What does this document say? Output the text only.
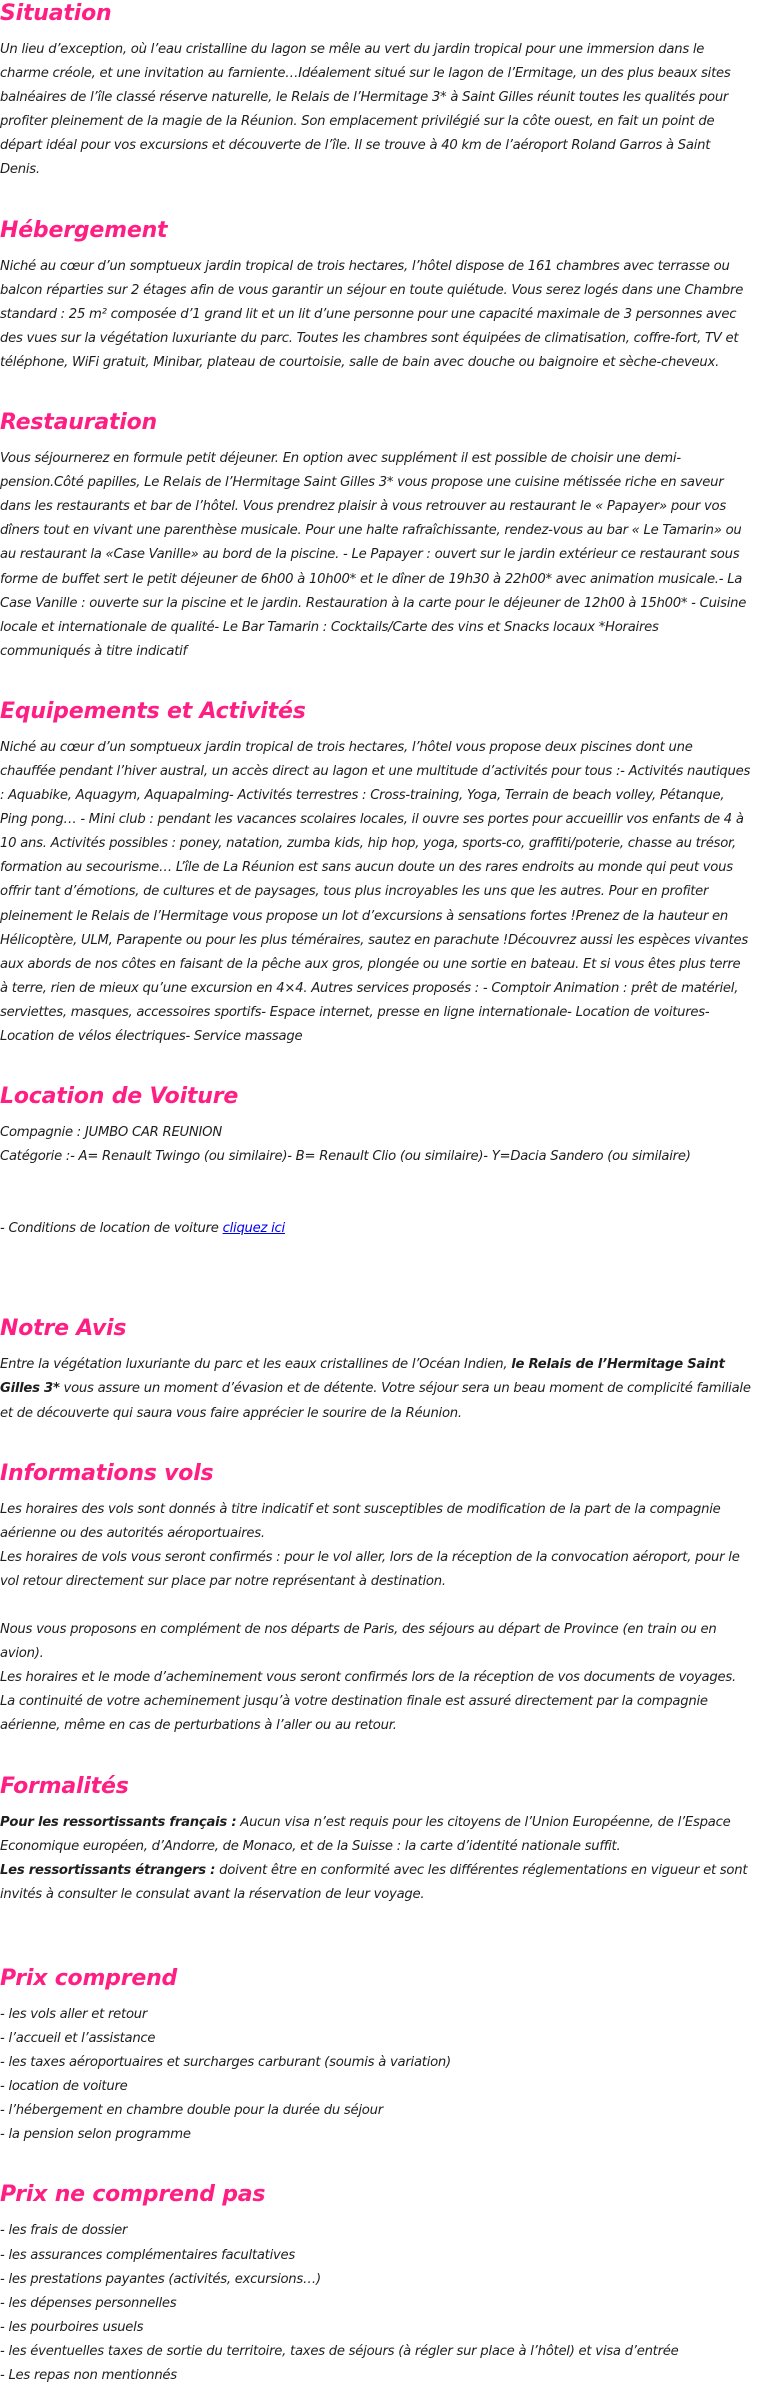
Situation

Un lieu d’exception, où l’eau cristalline du lagon se mêle au vert du jardin tropical pour une immersion dans le charme créole, et une invitation au farniente…Idéalement situé sur le lagon de l’Ermitage, un des plus beaux sites balnéaires de l’île classé réserve naturelle, le Relais de l’Hermitage 3* à Saint Gilles réunit toutes les qualités pour profiter pleinement de la magie de la Réunion. Son emplacement privilégié sur la côte ouest, en fait un point de départ idéal pour vos excursions et découverte de l’île. Il se trouve à 40 km de l’aéroport Roland Garros à Saint Denis.

Hébergement

Niché au cœur d’un somptueux jardin tropical de trois hectares, l’hôtel dispose de 161 chambres avec terrasse ou balcon réparties sur 2 étages afin de vous garantir un séjour en toute quiétude. Vous serez logés dans une Chambre standard : 25 m² composée d’1 grand lit et un lit d’une personne pour une capacité maximale de 3 personnes avec des vues sur la végétation luxuriante du parc. Toutes les chambres sont équipées de climatisation, coffre-fort, TV et téléphone, WiFi gratuit, Minibar, plateau de courtoisie, salle de bain avec douche ou baignoire et sèche-cheveux.

Restauration

Vous séjournerez en formule petit déjeuner. En option avec supplément il est possible de choisir une demi-pension.Côté papilles, Le Relais de l’Hermitage Saint Gilles 3* vous propose une cuisine métissée riche en saveur dans les restaurants et bar de l’hôtel. Vous prendrez plaisir à vous retrouver au restaurant le « Papayer» pour vos dîners tout en vivant une parenthèse musicale. Pour une halte rafraîchissante, rendez-vous au bar « Le Tamarin» ou au restaurant la «Case Vanille» au bord de la piscine. - Le Papayer : ouvert sur le jardin extérieur ce restaurant sous forme de buffet sert le petit déjeuner de 6h00 à 10h00* et le dîner de 19h30 à 22h00* avec animation musicale.- La Case Vanille : ouverte sur la piscine et le jardin. Restauration à la carte pour le déjeuner de 12h00 à 15h00* - Cuisine locale et internationale de qualité- Le Bar Tamarin : Cocktails/Carte des vins et Snacks locaux *Horaires communiqués à titre indicatif

Equipements et Activités

Niché au cœur d’un somptueux jardin tropical de trois hectares, l’hôtel vous propose deux piscines dont une chauffée pendant l’hiver austral, un accès direct au lagon et une multitude d’activités pour tous :- Activités nautiques : Aquabike, Aquagym, Aquapalming- Activités terrestres : Cross-training, Yoga, Terrain de beach volley, Pétanque, Ping pong… - Mini club : pendant les vacances scolaires locales, il ouvre ses portes pour accueillir vos enfants de 4 à 10 ans. Activités possibles : poney, natation, zumba kids, hip hop, yoga, sports-co, graffiti/poterie, chasse au trésor, formation au secourisme… L’île de La Réunion est sans aucun doute un des rares endroits au monde qui peut vous offrir tant d’émotions, de cultures et de paysages, tous plus incroyables les uns que les autres. Pour en profiter pleinement le Relais de l’Hermitage vous propose un lot d’excursions à sensations fortes !Prenez de la hauteur en Hélicoptère, ULM, Parapente ou pour les plus téméraires, sautez en parachute !Découvrez aussi les espèces vivantes aux abords de nos côtes en faisant de la pêche aux gros, plongée ou une sortie en bateau. Et si vous êtes plus terre à terre, rien de mieux qu’une excursion en 4×4. Autres services proposés : - Comptoir Animation : prêt de matériel, serviettes, masques, accessoires sportifs- Espace internet, presse en ligne internationale- Location de voitures- Location de vélos électriques- Service massage

Location de Voiture

Compagnie : JUMBO CAR REUNION

Catégorie :- A= Renault Twingo (ou similaire)- B= Renault Clio (ou similaire)- Y=Dacia Sandero (ou similaire)

- Conditions de location de voiture cliquez ici

Notre Avis

Entre la végétation luxuriante du parc et les eaux cristallines de l’Océan Indien, le Relais de l’Hermitage Saint Gilles 3* vous assure un moment d’évasion et de détente. Votre séjour sera un beau moment de complicité familiale et de découverte qui saura vous faire apprécier le sourire de la Réunion.

Informations vols

Les horaires des vols sont donnés à titre indicatif et sont susceptibles de modification de la part de la compagnie aérienne ou des autorités aéroportuaires.

Les horaires de vols vous seront confirmés : pour le vol aller, lors de la réception de la convocation aéroport, pour le vol retour directement sur place par notre représentant à destination.

Nous vous proposons en complément de nos départs de Paris, des séjours au départ de Province (en train ou en avion).

Les horaires et le mode d’acheminement vous seront confirmés lors de la réception de vos documents de voyages.

La continuité de votre acheminement jusqu’à votre destination finale est assuré directement par la compagnie aérienne, même en cas de perturbations à l’aller ou au retour.

Formalités

Pour les ressortissants français : Aucun visa n’est requis pour les citoyens de l’Union Européenne, de l’Espace Economique européen, d’Andorre, de Monaco, et de la Suisse : la carte d’identité nationale suffit.

Les ressortissants étrangers : doivent être en conformité avec les différentes réglementations en vigueur et sont invités à consulter le consulat avant la réservation de leur voyage.

Prix comprend

- les vols aller et retour

- l’accueil et l’assistance

- les taxes aéroportuaires et surcharges carburant (soumis à variation)

- location de voiture

- l’hébergement en chambre double pour la durée du séjour

- la pension selon programme

Prix ne comprend pas

- les frais de dossier

- les assurances complémentaires facultatives

- les prestations payantes (activités, excursions…)

- les dépenses personnelles

- les pourboires usuels

- les éventuelles taxes de sortie du territoire, taxes de séjours (à régler sur place à l’hôtel) et visa d’entrée

- Les repas non mentionnés
